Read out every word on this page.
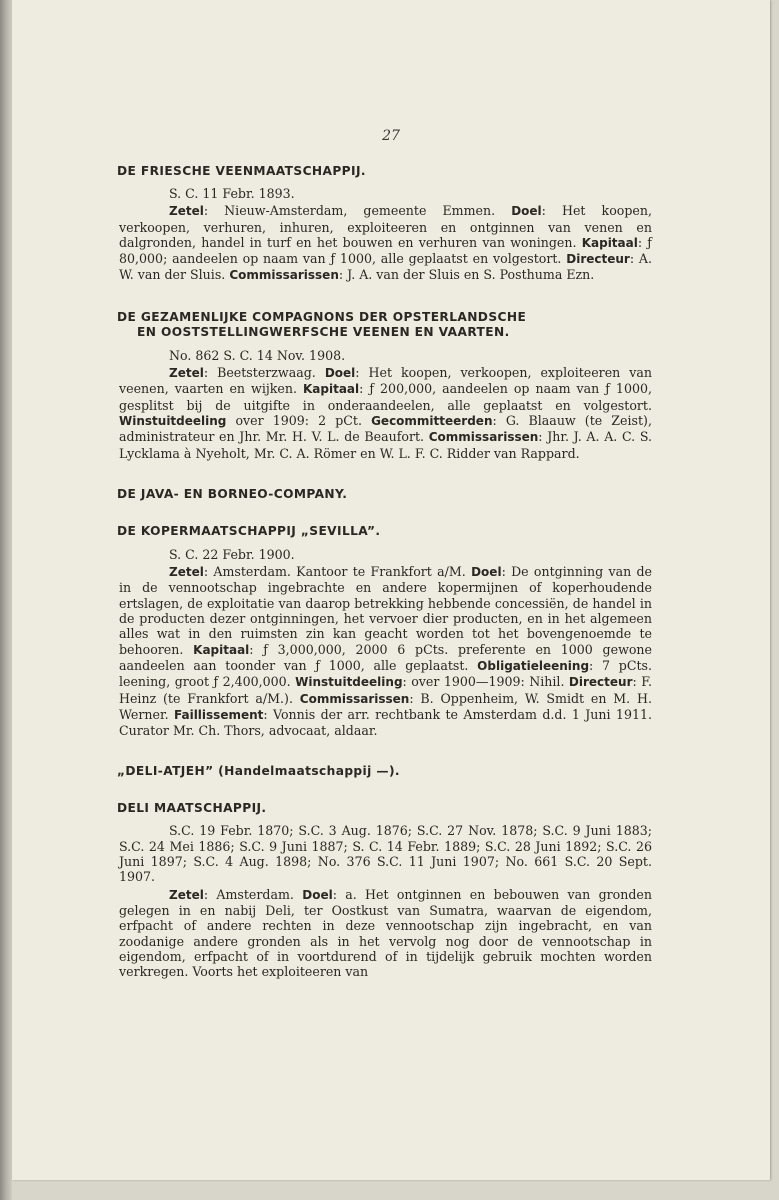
27
DE FRIESCHE VEENMAATSCHAPPIJ.
S. C. 11 Febr. 1893.

Zetel: Nieuw-Amsterdam, gemeente Emmen. Doel: Het koopen, verkoopen, verhuren, inhuren, exploiteeren en ontginnen van venen en dalgronden, handel in turf en het bouwen en verhuren van woningen. Kapitaal: ƒ 80,000; aandeelen op naam van ƒ 1000, alle geplaatst en volgestort. Directeur: A. W. van der Sluis. Commissarissen: J. A. van der Sluis en S. Posthuma Ezn.

DE GEZAMENLIJKE COMPAGNONS DER OPSTERLANDSCHE
EN OOSTSTELLINGWERFSCHE VEENEN EN VAARTEN.
No. 862 S. C. 14 Nov. 1908.

Zetel: Beetsterzwaag. Doel: Het koopen, verkoopen, exploiteeren van veenen, vaarten en wijken. Kapitaal: ƒ 200,000, aandeelen op naam van ƒ 1000, gesplitst bij de uitgifte in onderaandeelen, alle geplaatst en volgestort. Winstuitdeeling over 1909: 2 pCt. Gecommitteerden: G. Blaauw (te Zeist), administrateur en Jhr. Mr. H. V. L. de Beaufort. Commissarissen: Jhr. J. A. A. C. S. Lycklama à Nyeholt, Mr. C. A. Römer en W. L. F. C. Ridder van Rappard.

DE JAVA- EN BORNEO-COMPANY.
DE KOPERMAATSCHAPPIJ „SEVILLA”.
S. C. 22 Febr. 1900.

Zetel: Amsterdam. Kantoor te Frankfort a/M. Doel: De ontginning van de in de vennootschap ingebrachte en andere kopermijnen of koperhoudende ertslagen, de exploitatie van daarop betrekking hebbende concessiën, de handel in de producten dezer ontginningen, het vervoer dier producten, en in het algemeen alles wat in den ruimsten zin kan geacht worden tot het bovengenoemde te behooren. Kapitaal: ƒ 3,000,000, 2000 6 pCts. preferente en 1000 gewone aandeelen aan toonder van ƒ 1000, alle geplaatst. Obligatieleening: 7 pCts. leening, groot ƒ 2,400,000. Winstuitdeeling: over 1900—1909: Nihil. Directeur: F. Heinz (te Frankfort a/M.). Commissarissen: B. Oppenheim, W. Smidt en M. H. Werner. Faillissement: Vonnis der arr. rechtbank te Amsterdam d.d. 1 Juni 1911. Curator Mr. Ch. Thors, advocaat, aldaar.

„DELI-ATJEH” (Handelmaatschappij —).
DELI MAATSCHAPPIJ.

S.C. 19 Febr. 1870; S.C. 3 Aug. 1876; S.C. 27 Nov. 1878; S.C. 9 Juni 1883; S.C. 24 Mei 1886; S.C. 9 Juni 1887; S. C. 14 Febr. 1889; S.C. 28 Juni 1892; S.C. 26 Juni 1897; S.C. 4 Aug. 1898; No. 376 S.C. 11 Juni 1907; No. 661 S.C. 20 Sept. 1907.

Zetel: Amsterdam. Doel: a. Het ontginnen en bebouwen van gronden gelegen in en nabij Deli, ter Oostkust van Sumatra, waarvan de eigendom, erfpacht of andere rechten in deze vennootschap zijn ingebracht, en van zoodanige andere gronden als in het vervolg nog door de vennootschap in eigendom, erfpacht of in voortdurend of in tijdelijk gebruik mochten worden verkregen. Voorts het exploiteeren van
